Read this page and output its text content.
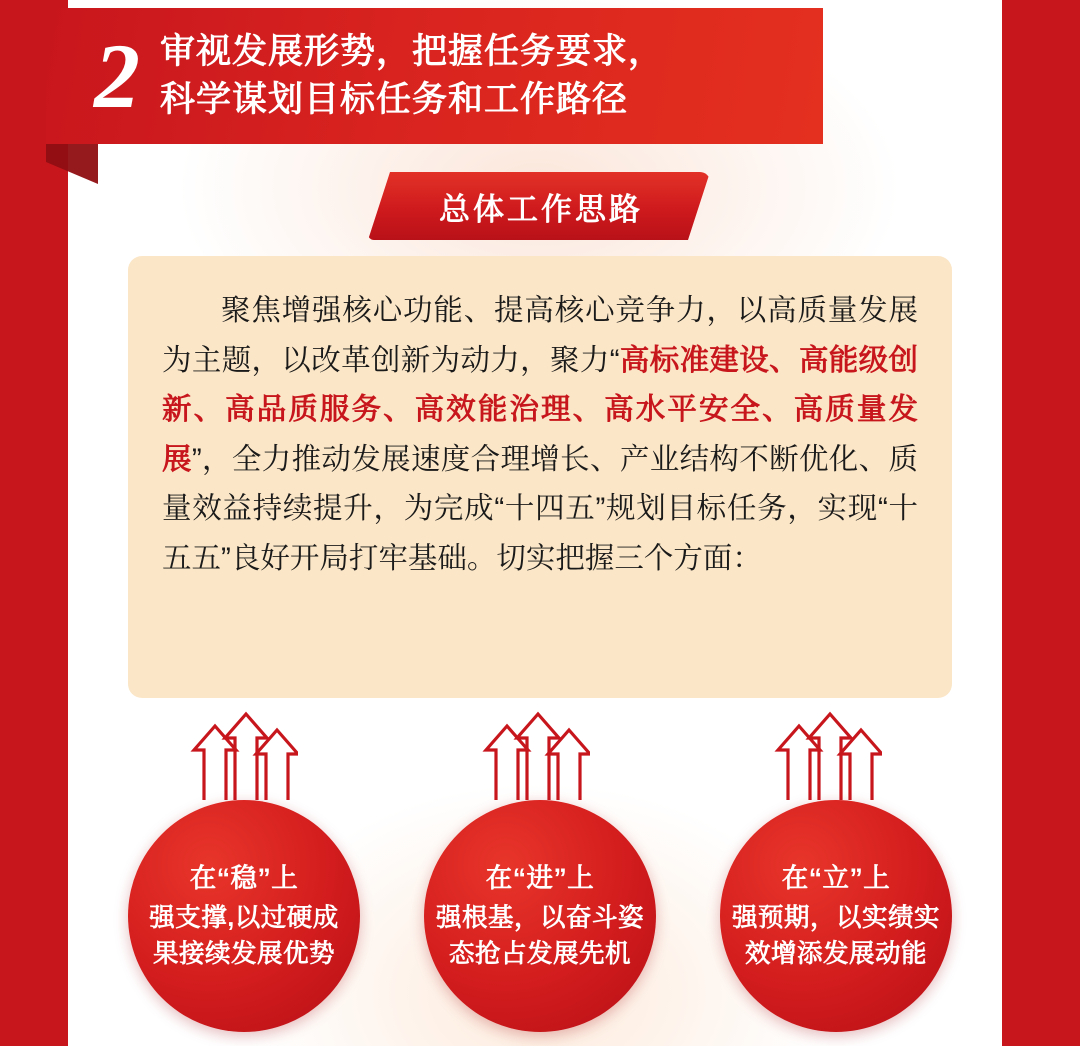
2 审视发展形势，把握任务要求，
科学谋划目标任务和工作路径
总体工作思路
聚焦增强核心功能、提高核心竞争力，以高质量发展为主题，以改革创新为动力，聚力“高标准建设、高能级创新、高品质服务、高效能治理、高水平安全、高质量发展”，全力推动发展速度合理增长、产业结构不断优化、质量效益持续提升，为完成“十四五”规划目标任务，实现“十五五”良好开局打牢基础。切实把握三个方面：
在“稳”上
强支撑,以过硬成
果接续发展优势
在“进”上
强根基，以奋斗姿
态抢占发展先机
在“立”上
强预期，以实绩实
效增添发展动能
